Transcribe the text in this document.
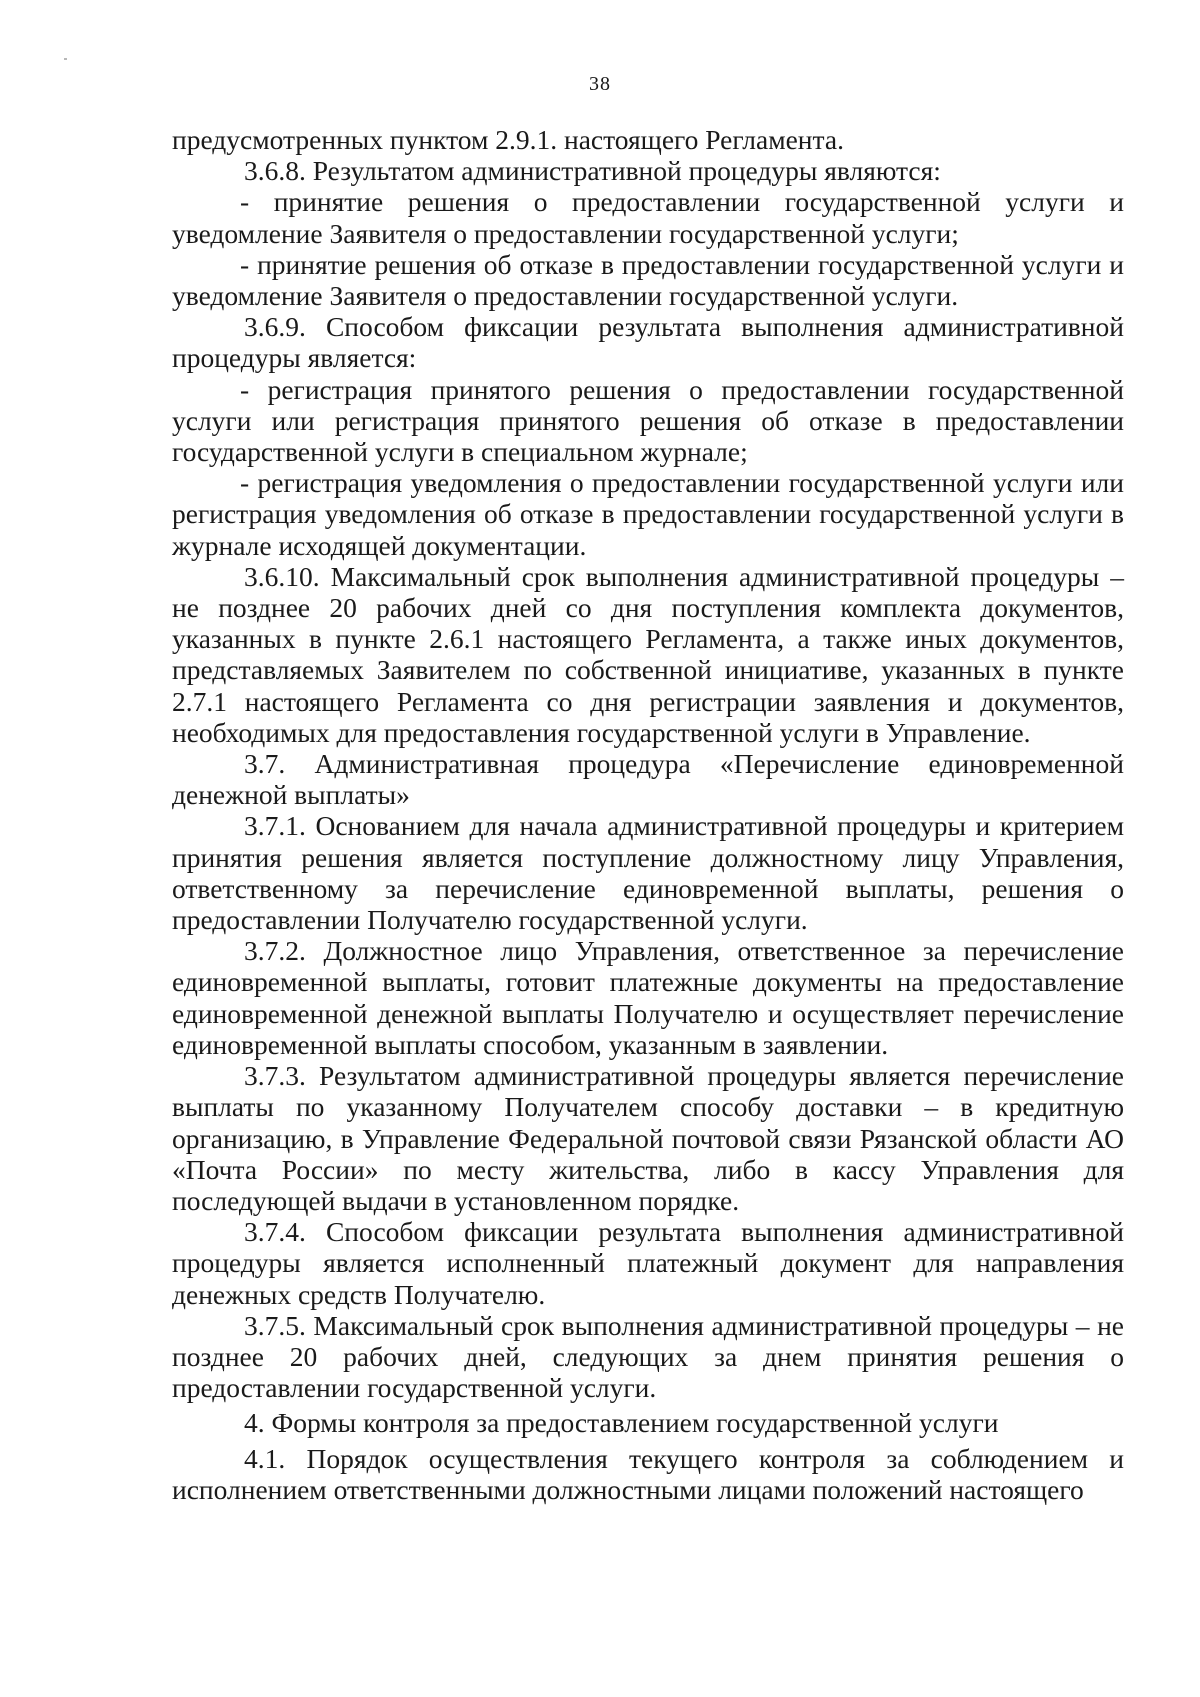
38

предусмотренных пунктом 2.9.1. настоящего Регламента.

3.6.8. Результатом административной процедуры являются:

- принятие решения о предоставлении государственной услуги и уведомление Заявителя о предоставлении государственной услуги;

- принятие решения об отказе в предоставлении государственной услуги и уведомление Заявителя о предоставлении государственной услуги.

3.6.9. Способом фиксации результата выполнения административной процедуры является:

- регистрация принятого решения о предоставлении государственной услуги или регистрация принятого решения об отказе в предоставлении государственной услуги в специальном журнале;

- регистрация уведомления о предоставлении государственной услуги или регистрация уведомления об отказе в предоставлении государственной услуги в журнале исходящей документации.

3.6.10. Максимальный срок выполнения административной процедуры – не позднее 20 рабочих дней со дня поступления комплекта документов, указанных в пункте 2.6.1 настоящего Регламента, а также иных документов, представляемых Заявителем по собственной инициативе, указанных в пункте 2.7.1 настоящего Регламента со дня регистрации заявления и документов, необходимых для предоставления государственной услуги в Управление.

3.7. Административная процедура «Перечисление единовременной денежной выплаты»

3.7.1. Основанием для начала административной процедуры и критерием принятия решения является поступление должностному лицу Управления, ответственному за перечисление единовременной выплаты, решения о предоставлении Получателю государственной услуги.

3.7.2. Должностное лицо Управления, ответственное за перечисление единовременной выплаты, готовит платежные документы на предоставление единовременной денежной выплаты Получателю и осуществляет перечисление единовременной выплаты способом, указанным в заявлении.

3.7.3. Результатом административной процедуры является перечисление выплаты по указанному Получателем способу доставки – в кредитную организацию, в Управление Федеральной почтовой связи Рязанской области АО «Почта России» по месту жительства, либо в кассу Управления для последующей выдачи в установленном порядке.

3.7.4. Способом фиксации результата выполнения административной процедуры является исполненный платежный документ для направления денежных средств Получателю.

3.7.5. Максимальный срок выполнения административной процедуры – не позднее 20 рабочих дней, следующих за днем принятия решения о предоставлении государственной услуги.

4. Формы контроля за предоставлением государственной услуги

4.1. Порядок осуществления текущего контроля за соблюдением и исполнением ответственными должностными лицами положений настоящего
